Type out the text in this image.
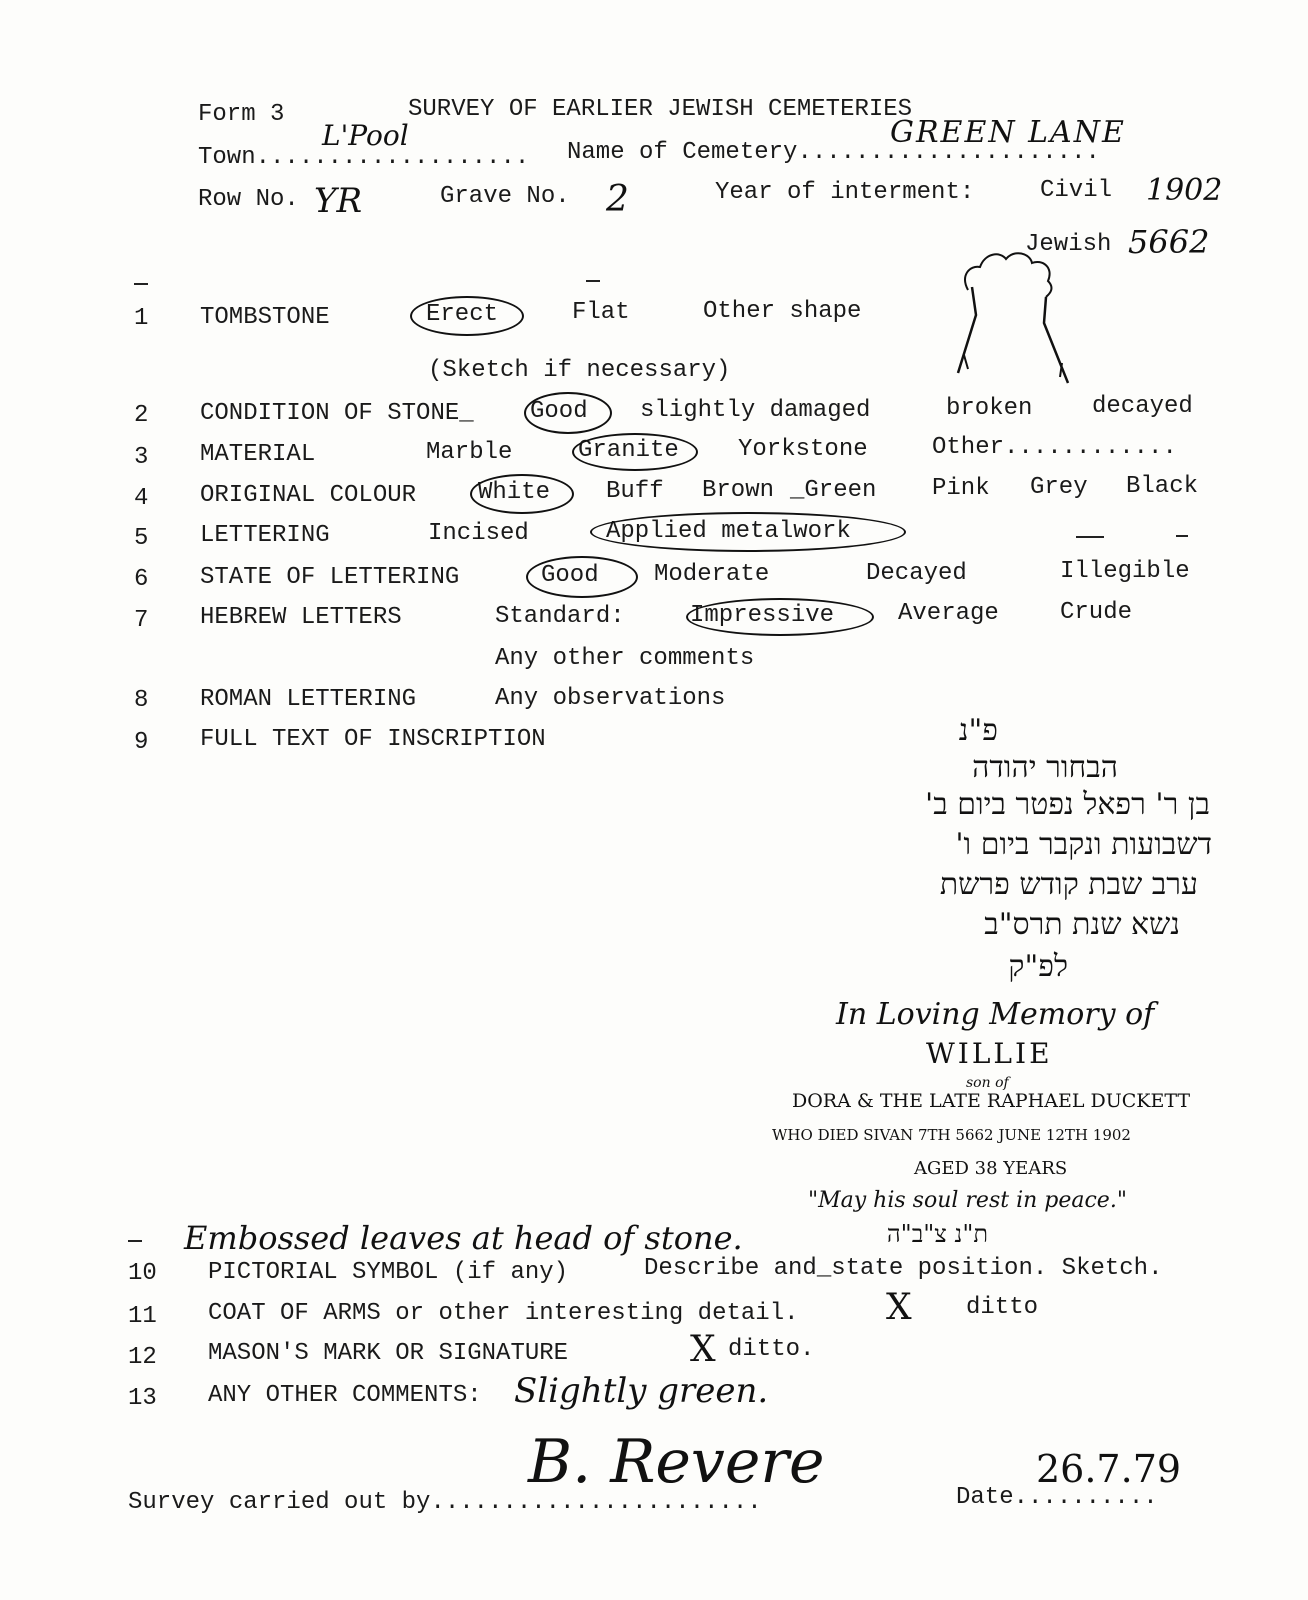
Form 3	SURVEY OF EARLIER JEWISH CEMETERIES
Town...................
L'Pool
Name of Cemetery.....................
GREEN LANE
Row No. YR	Grave No. 2	Year of interment:	Civil 1902
Jewish 5662
1 TOMBSTONE	Erect	Flat	Other shape
(Sketch if necessary)
2 CONDITION OF STONE_ Good slightly damaged	broken decayed
3 MATERIAL	Marble	Granite Yorkstone	Other............
4 ORIGINAL COLOUR	White Buff Brown _Green Pink Grey Black
5 LETTERING	Incised	Applied metalwork
6 STATE OF LETTERING	Good Moderate	Decayed	Illegible
7 HEBREW LETTERS	Standard:	Impressive	Average	Crude
Any other comments
8 ROMAN LETTERING	Any observations
9 FULL TEXT OF INSCRIPTION	פ"נ
הבחור יהודה
בן ר' רפאל נפטר ביום ב'
דשבועות ונקבר ביום ו'
ערב שבת קודש פרשת
נשא שנת תרס"ב
לפ"ק
In Loving Memory of
WILLIE
son of
DORA & THE LATE RAPHAEL DUCKETT
WHO DIED SIVAN 7TH 5662 JUNE 12TH 1902
AGED 38 YEARS
"May his soul rest in peace."
ת"נ צ"ב"ה
Embossed leaves at head of stone.
10 PICTORIAL SYMBOL (if any)	Describe and_state position. Sketch.
11 COAT OF ARMS or other interesting detail. X ditto
12 MASON'S MARK OR SIGNATURE	X ditto.
13 ANY OTHER COMMENTS: Slightly green.
Survey carried out by.......................
B. Revere
Date..........
26.7.79
